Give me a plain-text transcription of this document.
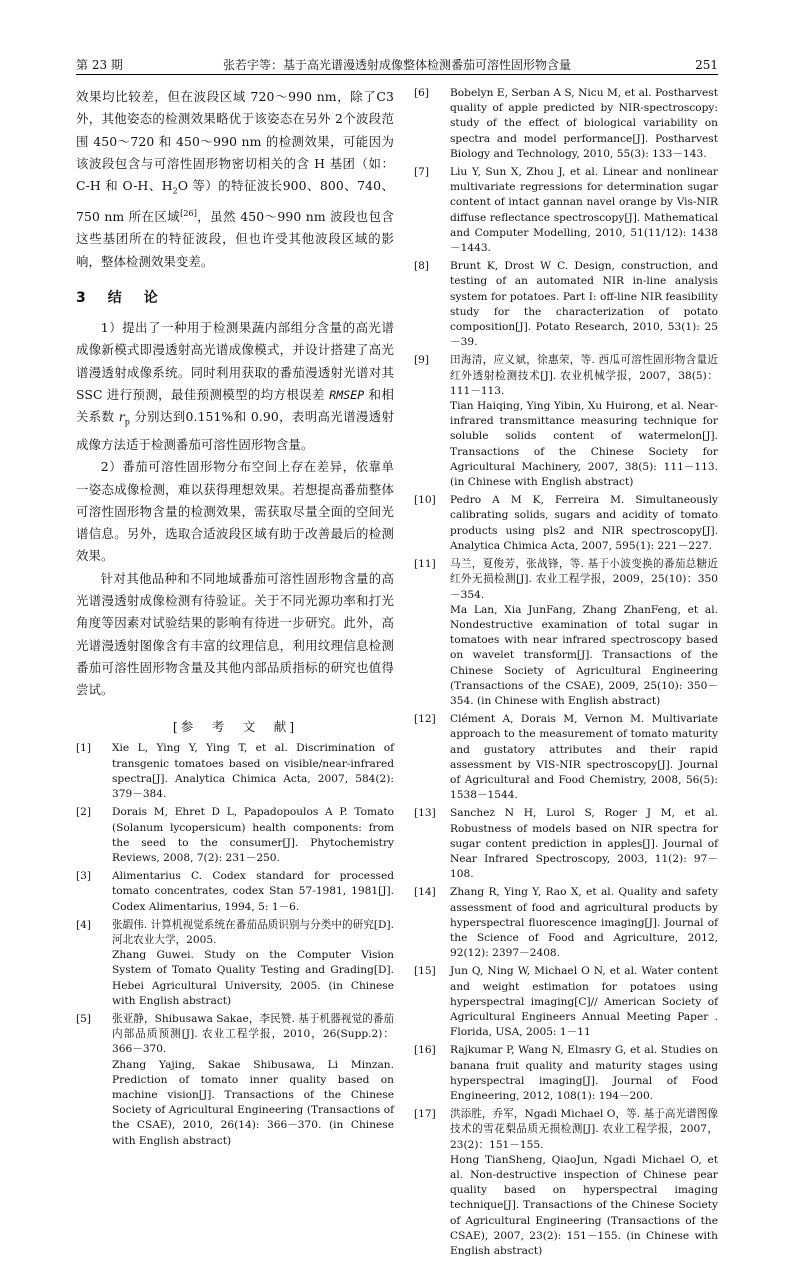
第 23 期	张若宇等：基于高光谱漫透射成像整体检测番茄可溶性固形物含量	251

效果均比较差，但在波段区域 720～990 nm，除了C3 外，其他姿态的检测效果略优于该姿态在另外 2个波段范围 450～720 和 450～990 nm 的检测效果，可能因为该波段包含与可溶性固形物密切相关的含 H 基团（如：C-H 和 O-H、$H_2O$ 等）的特征波长900、800、740、750 nm 所在区域[26]，虽然 450～990 nm 波段也包含这些基团所在的特征波段，但也许受其他波段区域的影响，整体检测效果变差。

3　结　论

1）提出了一种用于检测果蔬内部组分含量的高光谱成像新模式即漫透射高光谱成像模式，并设计搭建了高光谱漫透射成像系统。同时利用获取的番茄漫透射光谱对其 SSC 进行预测，最佳预测模型的均方根误差 RMSEP 和相关系数 $r_p$ 分别达到0.151%和 0.90，表明高光谱漫透射成像方法适于检测番茄可溶性固形物含量。

2）番茄可溶性固形物分布空间上存在差异，依靠单一姿态成像检测，难以获得理想效果。若想提高番茄整体可溶性固形物含量的检测效果，需获取尽量全面的空间光谱信息。另外，选取合适波段区域有助于改善最后的检测效果。

针对其他品种和不同地域番茄可溶性固形物含量的高光谱漫透射成像检测有待验证。关于不同光源功率和打光角度等因素对试验结果的影响有待进一步研究。此外，高光谱漫透射图像含有丰富的纹理信息，利用纹理信息检测番茄可溶性固形物含量及其他内部品质指标的研究也值得尝试。

[参　考　文　献]
[1]	Xie L, Ying Y, Ying T, et al. Discrimination of transgenic tomatoes based on visible/near-infrared spectra[J]. Analytica Chimica Acta, 2007, 584(2): 379－384.
[2]	Dorais M, Ehret D L, Papadopoulos A P. Tomato (Solanum lycopersicum) health components: from the seed to the consumer[J]. Phytochemistry Reviews, 2008, 7(2): 231－250.
[3]	Alimentarius C. Codex standard for processed tomato concentrates, codex Stan 57-1981, 1981[J]. Codex Alimentarius, 1994, 5: 1－6.
[4]	张嘏伟. 计算机视觉系统在番茄品质识别与分类中的研究[D]. 河北农业大学，2005.
Zhang Guwei. Study on the Computer Vision System of Tomato Quality Testing and Grading[D]. Hebei Agricultural University, 2005. (in Chinese with English abstract)
[5]	张亚静，Shibusawa Sakae，李民赞. 基于机器视觉的番茄内部品质预测[J]. 农业工程学报，2010，26(Supp.2)：366－370.
Zhang Yajing, Sakae Shibusawa, Li Minzan. Prediction of tomato inner quality based on machine vision[J]. Transactions of the Chinese Society of Agricultural Engineering (Transactions of the CSAE), 2010, 26(14): 366－370. (in Chinese with English abstract)
[6]	Bobelyn E, Serban A S, Nicu M, et al. Postharvest quality of apple predicted by NIR-spectroscopy: study of the effect of biological variability on spectra and model performance[J]. Postharvest Biology and Technology, 2010, 55(3): 133－143.
[7]	Liu Y, Sun X, Zhou J, et al. Linear and nonlinear multivariate regressions for determination sugar content of intact gannan navel orange by Vis-NIR diffuse reflectance spectroscopy[J]. Mathematical and Computer Modelling, 2010, 51(11/12): 1438－1443.
[8]	Brunt K, Drost W C. Design, construction, and testing of an automated NIR in-line analysis system for potatoes. Part I: off-line NIR feasibility study for the characterization of potato composition[J]. Potato Research, 2010, 53(1): 25－39.
[9]	田海清，应义斌，徐惠荣，等. 西瓜可溶性固形物含量近红外透射检测技术[J]. 农业机械学报，2007，38(5)：111－113.
Tian Haiqing, Ying Yibin, Xu Huirong, et al. Near-infrared transmittance measuring technique for soluble solids content of watermelon[J]. Transactions of the Chinese Society for Agricultural Machinery, 2007, 38(5): 111－113. (in Chinese with English abstract)
[10]	Pedro A M K, Ferreira M. Simultaneously calibrating solids, sugars and acidity of tomato products using pls2 and NIR spectroscopy[J]. Analytica Chimica Acta, 2007, 595(1): 221－227.
[11]	马兰，夏俊芳，张战锋，等. 基于小波变换的番茄总糖近红外无损检测[J]. 农业工程学报，2009，25(10)：350－354.
Ma Lan, Xia JunFang, Zhang ZhanFeng, et al. Nondestructive examination of total sugar in tomatoes with near infrared spectroscopy based on wavelet transform[J]. Transactions of the Chinese Society of Agricultural Engineering (Transactions of the CSAE), 2009, 25(10): 350－354. (in Chinese with English abstract)
[12]	Clément A, Dorais M, Vernon M. Multivariate approach to the measurement of tomato maturity and gustatory attributes and their rapid assessment by VIS-NIR spectroscopy[J]. Journal of Agricultural and Food Chemistry, 2008, 56(5): 1538－1544.
[13]	Sanchez N H, Lurol S, Roger J M, et al. Robustness of models based on NIR spectra for sugar content prediction in apples[J]. Journal of Near Infrared Spectroscopy, 2003, 11(2): 97－108.
[14]	Zhang R, Ying Y, Rao X, et al. Quality and safety assessment of food and agricultural products by hyperspectral fluorescence imaging[J]. Journal of the Science of Food and Agriculture, 2012, 92(12): 2397－2408.
[15]	Jun Q, Ning W, Michael O N, et al. Water content and weight estimation for potatoes using hyperspectral imaging[C]// American Society of Agricultural Engineers Annual Meeting Paper . Florida, USA, 2005: 1－11
[16]	Rajkumar P, Wang N, Elmasry G, et al. Studies on banana fruit quality and maturity stages using hyperspectral imaging[J]. Journal of Food Engineering, 2012, 108(1): 194－200.
[17]	洪添胜，乔军，Ngadi Michael O，等. 基于高光谱图像技术的雪花梨品质无损检测[J]. 农业工程学报，2007，23(2)：151－155.
Hong TianSheng, QiaoJun, Ngadi Michael O, et al. Non-destructive inspection of Chinese pear quality based on hyperspectral imaging technique[J]. Transactions of the Chinese Society of Agricultural Engineering (Transactions of the CSAE), 2007, 23(2): 151－155. (in Chinese with English abstract)
